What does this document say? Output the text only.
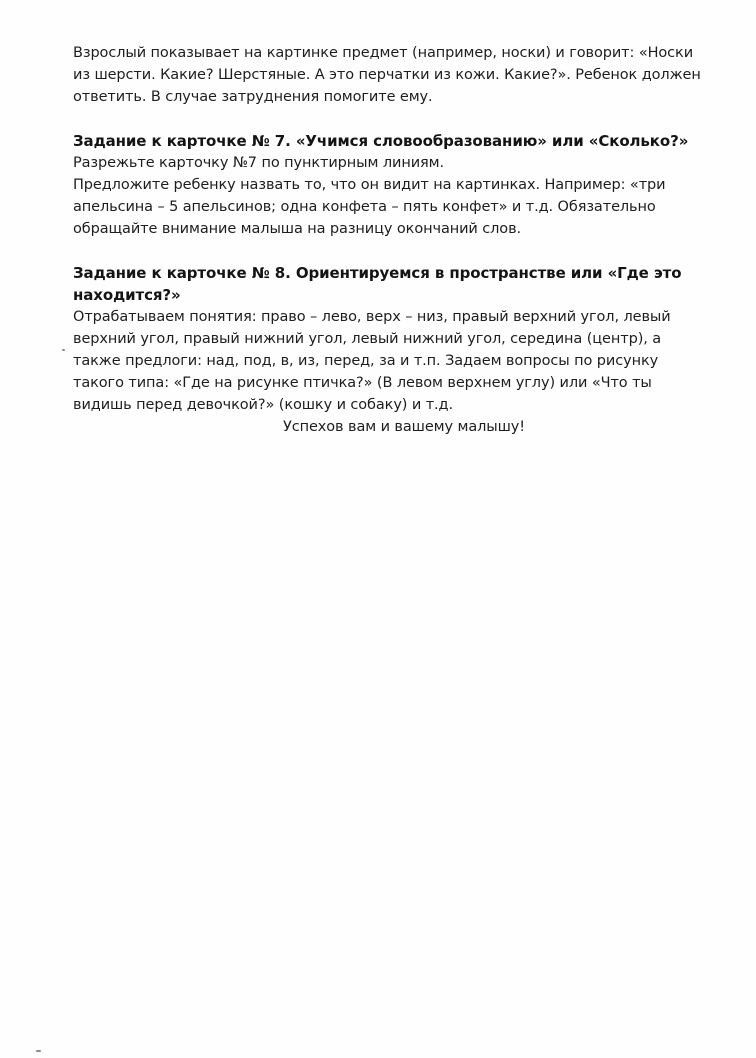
Взрослый показывает на картинке предмет (например, носки) и говорит: «Носки из шерсти. Какие? Шерстяные. А это перчатки из кожи. Какие?». Ребенок должен ответить. В случае затруднения помогите ему.

Задание к карточке № 7. «Учимся словообразованию» или «Сколько?»

Разрежьте карточку №7 по пунктирным линиям.

Предложите ребенку назвать то, что он видит на картинках. Например: «три апельсина – 5 апельсинов; одна конфета – пять конфет» и т.д. Обязательно обращайте внимание малыша на разницу окончаний слов.

Задание к карточке № 8. Ориентируемся в пространстве или «Где это находится?»

Отрабатываем понятия: право – лево, верх – низ, правый верхний угол, левый верхний угол, правый нижний угол, левый нижний угол, середина (центр), а также предлоги: над, под, в, из, перед, за и т.п. Задаем вопросы по рисунку такого типа: «Где на рисунке птичка?» (В левом верхнем углу) или «Что ты видишь перед девочкой?» (кошку и собаку) и т.д.

Успехов вам и вашему малышу!
